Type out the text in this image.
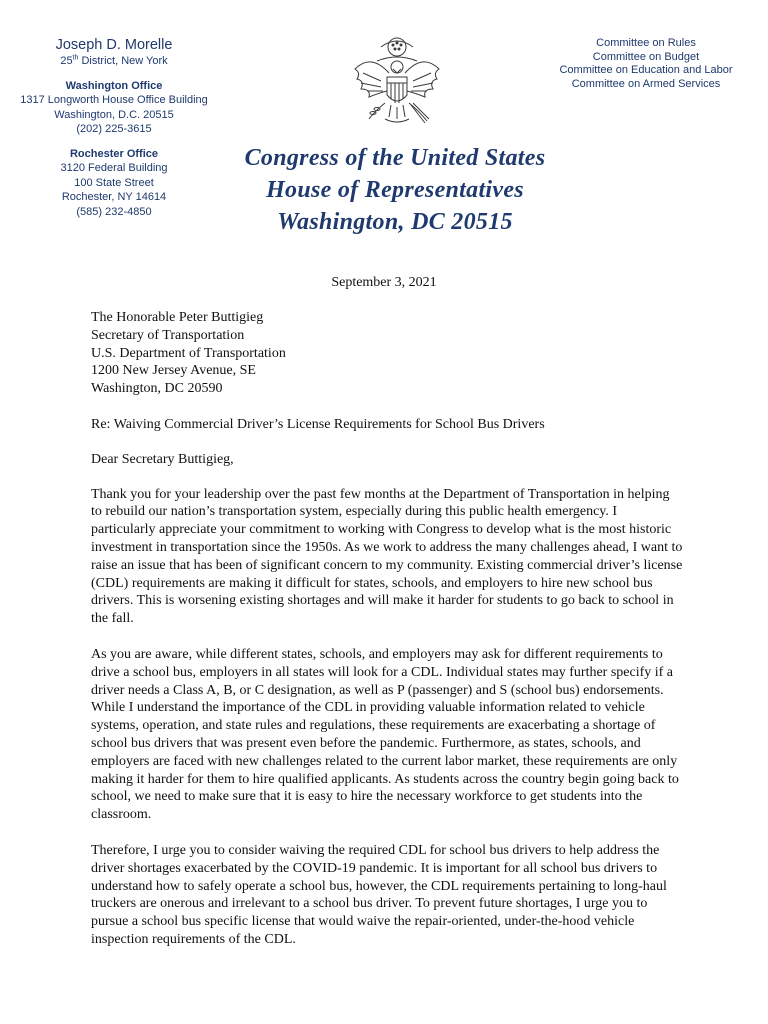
Joseph D. Morelle
25th District, New York
Washington Office
1317 Longworth House Office Building
Washington, D.C. 20515
(202) 225-3615
Rochester Office
3120 Federal Building
100 State Street
Rochester, NY 14614
(585) 232-4850
Committee on Rules
Committee on Budget
Committee on Education and Labor
Committee on Armed Services
Congress of the United States
House of Representatives
Washington, DC 20515
September 3, 2021
The Honorable Peter Buttigieg
Secretary of Transportation
U.S. Department of Transportation
1200 New Jersey Avenue, SE
Washington, DC 20590

Re: Waiving Commercial Driver’s License Requirements for School Bus Drivers

Dear Secretary Buttigieg,

Thank you for your leadership over the past few months at the Department of Transportation in helping to rebuild our nation’s transportation system, especially during this public health emergency. I particularly appreciate your commitment to working with Congress to develop what is the most historic investment in transportation since the 1950s. As we work to address the many challenges ahead, I want to raise an issue that has been of significant concern to my community. Existing commercial driver’s license (CDL) requirements are making it difficult for states, schools, and employers to hire new school bus drivers. This is worsening existing shortages and will make it harder for students to go back to school in the fall.

As you are aware, while different states, schools, and employers may ask for different requirements to drive a school bus, employers in all states will look for a CDL. Individual states may further specify if a driver needs a Class A, B, or C designation, as well as P (passenger) and S (school bus) endorsements. While I understand the importance of the CDL in providing valuable information related to vehicle systems, operation, and state rules and regulations, these requirements are exacerbating a shortage of school bus drivers that was present even before the pandemic. Furthermore, as states, schools, and employers are faced with new challenges related to the current labor market, these requirements are only making it harder for them to hire qualified applicants. As students across the country begin going back to school, we need to make sure that it is easy to hire the necessary workforce to get students into the classroom.

Therefore, I urge you to consider waiving the required CDL for school bus drivers to help address the driver shortages exacerbated by the COVID-19 pandemic. It is important for all school bus drivers to understand how to safely operate a school bus, however, the CDL requirements pertaining to long-haul truckers are onerous and irrelevant to a school bus driver. To prevent future shortages, I urge you to pursue a school bus specific license that would waive the repair-oriented, under-the-hood vehicle inspection requirements of the CDL.
